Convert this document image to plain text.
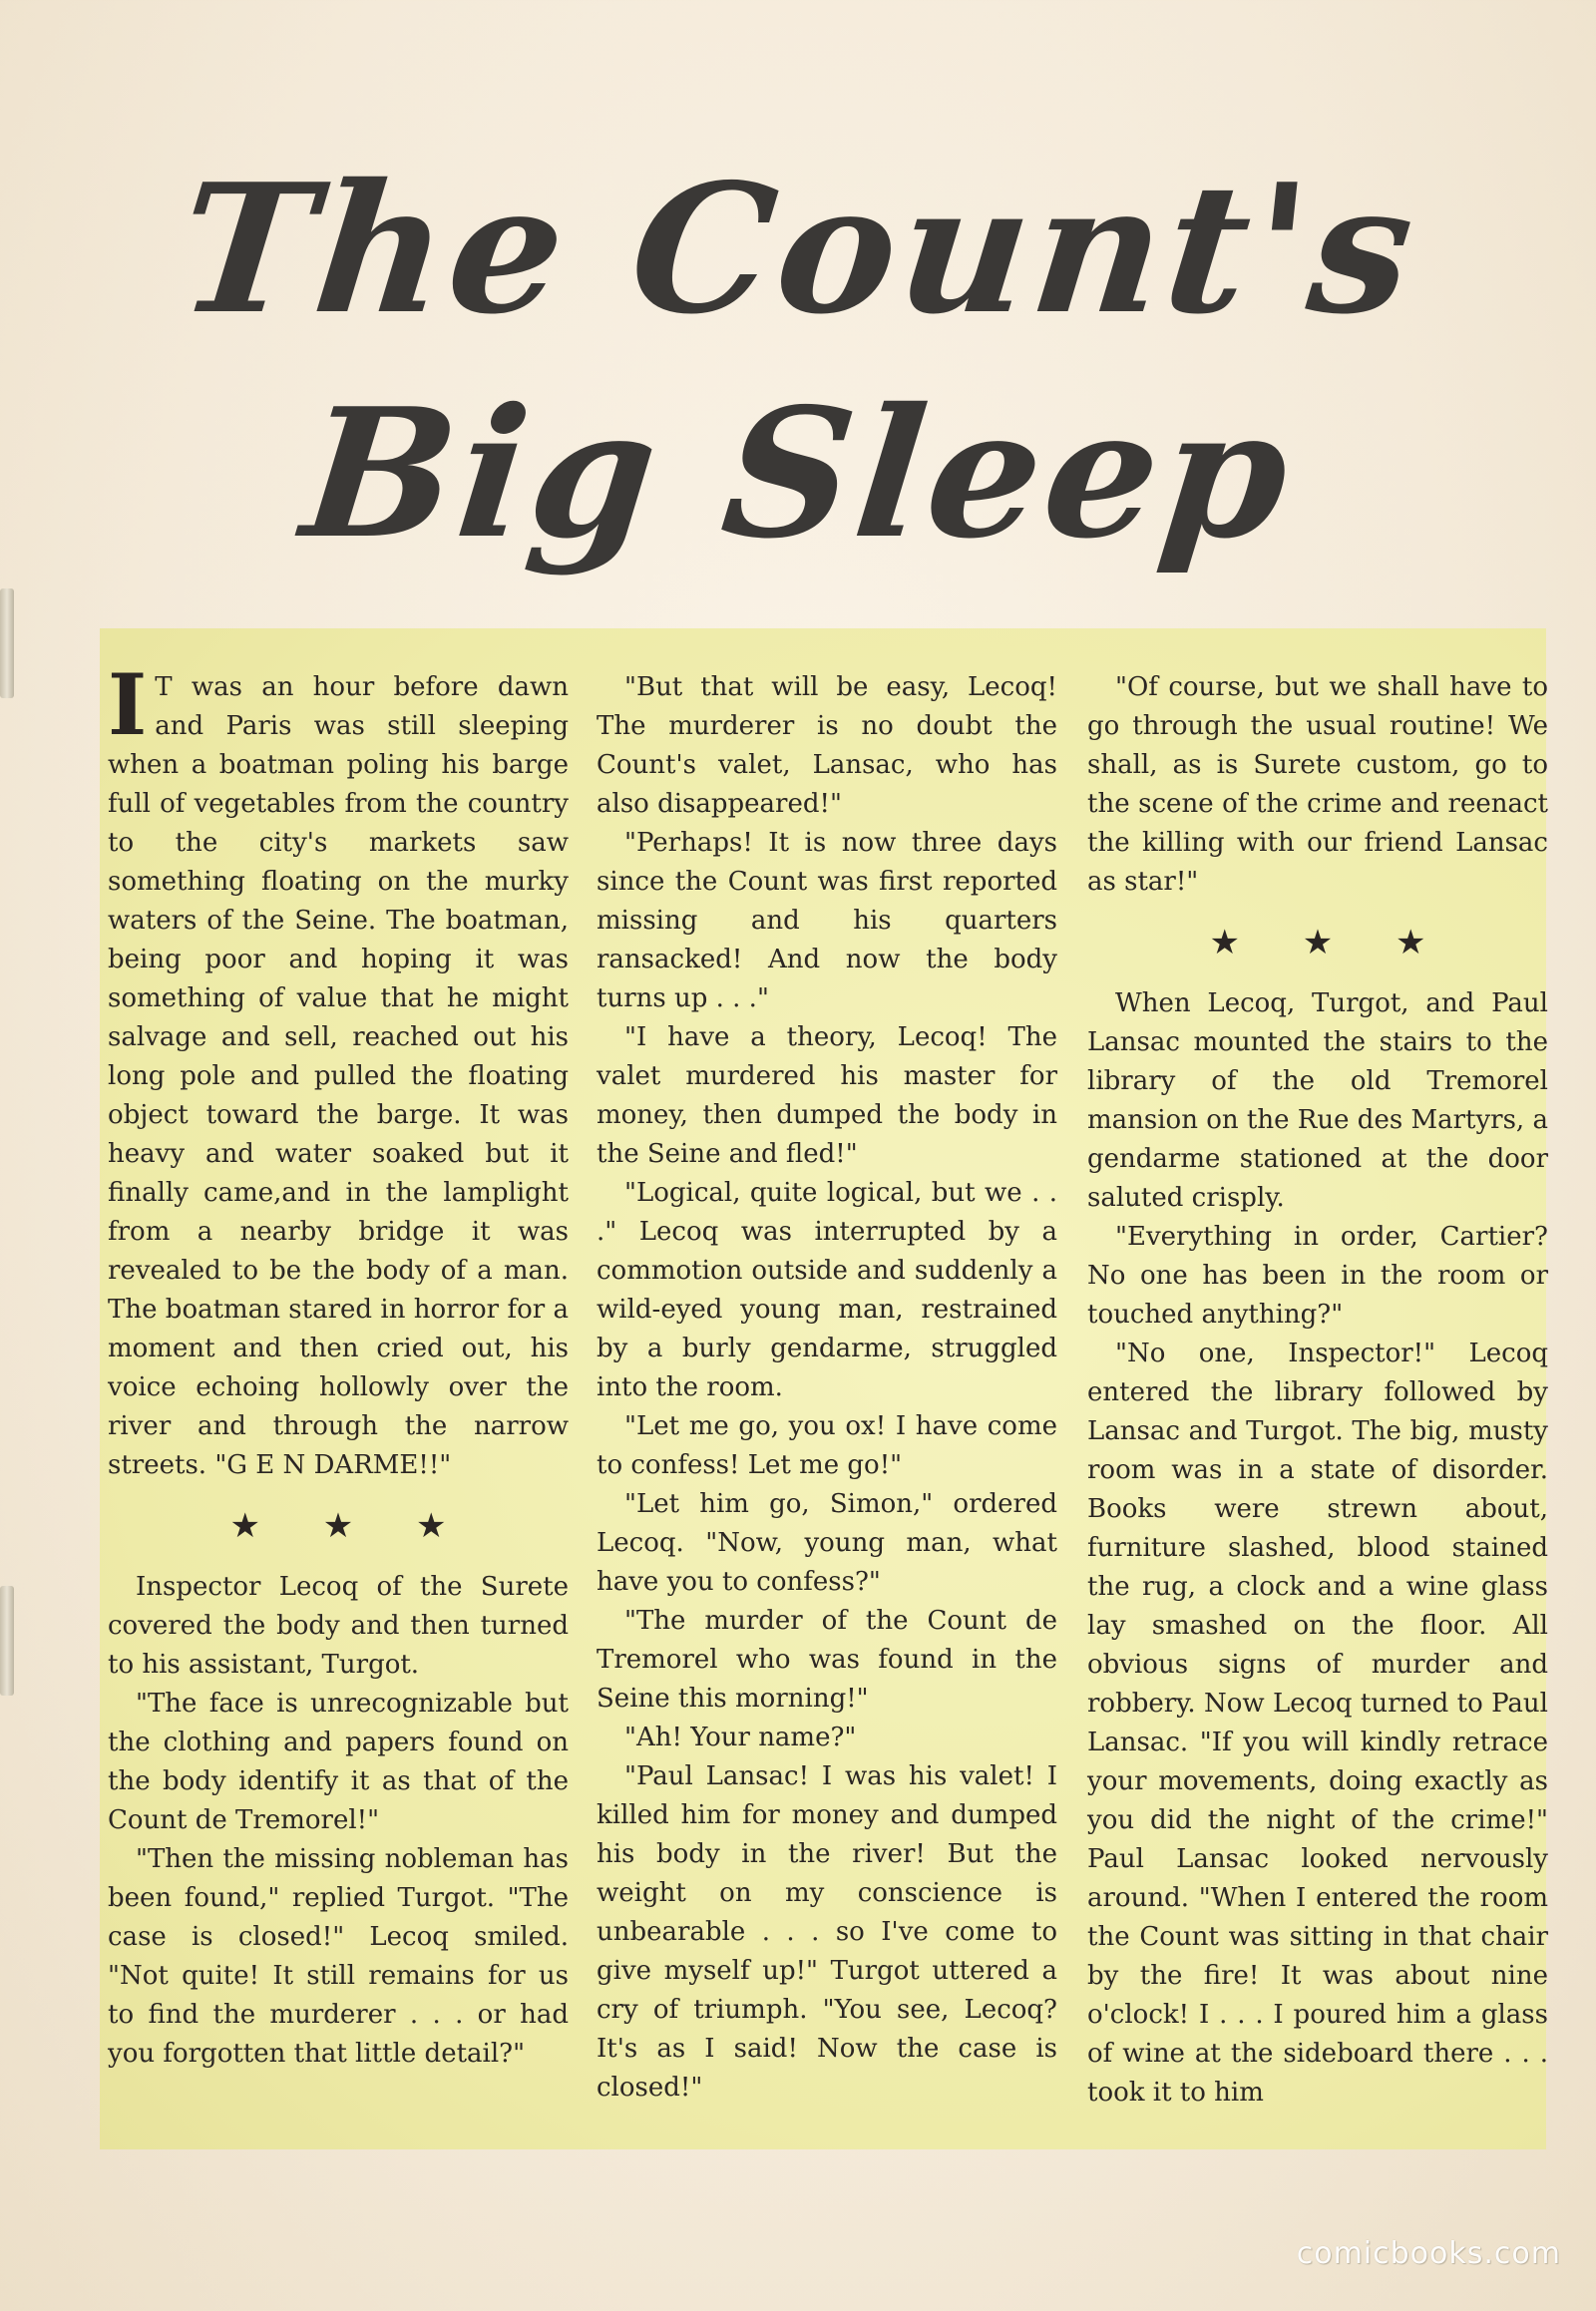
The Count's
Big Sleep

I T was an hour before dawn and Paris was still sleeping when a boatman poling his barge full of vegetables from the country to the city's markets saw something floating on the murky waters of the Seine. The boatman, being poor and hoping it was something of value that he might salvage and sell, reached out his long pole and pulled the floating object toward the barge. It was heavy and water soaked but it finally came,and in the lamplight from a nearby bridge it was revealed to be the body of a man. The boatman stared in horror for a moment and then cried out, his voice echoing hollowly over the river and through the narrow streets. "G E N DARME!!"

★ ★ ★

Inspector Lecoq of the Surete covered the body and then turned to his assistant, Turgot.

"The face is unrecognizable but the clothing and papers found on the body identify it as that of the Count de Tremorel!"

"Then the missing nobleman has been found," replied Turgot. "The case is closed!" Lecoq smiled. "Not quite! It still remains for us to find the murderer . . . or had you forgotten that little detail?"

"But that will be easy, Lecoq! The murderer is no doubt the Count's valet, Lansac, who has also disappeared!"

"Perhaps! It is now three days since the Count was first reported missing and his quarters ransacked! And now the body turns up . . ."

"I have a theory, Lecoq! The valet murdered his master for money, then dumped the body in the Seine and fled!"

"Logical, quite logical, but we . . ." Lecoq was interrupted by a commotion outside and suddenly a wild-eyed young man, restrained by a burly gendarme, struggled into the room.

"Let me go, you ox! I have come to confess! Let me go!"

"Let him go, Simon," ordered Lecoq. "Now, young man, what have you to confess?"

"The murder of the Count de Tremorel who was found in the Seine this morning!"

"Ah! Your name?"

"Paul Lansac! I was his valet! I killed him for money and dumped his body in the river! But the weight on my conscience is unbearable . . . so I've come to give myself up!" Turgot uttered a cry of triumph. "You see, Lecoq? It's as I said! Now the case is closed!"

"Of course, but we shall have to go through the usual routine! We shall, as is Surete custom, go to the scene of the crime and reenact the killing with our friend Lansac as star!"

★ ★ ★

When Lecoq, Turgot, and Paul Lansac mounted the stairs to the library of the old Tremorel mansion on the Rue des Martyrs, a gendarme stationed at the door saluted crisply.

"Everything in order, Cartier? No one has been in the room or touched anything?"

"No one, Inspector!" Lecoq entered the library followed by Lansac and Turgot. The big, musty room was in a state of disorder. Books were strewn about, furniture slashed, blood stained the rug, a clock and a wine glass lay smashed on the floor. All obvious signs of murder and robbery. Now Lecoq turned to Paul Lansac. "If you will kindly retrace your movements, doing exactly as you did the night of the crime!" Paul Lansac looked nervously around. "When I entered the room the Count was sitting in that chair by the fire! It was about nine o'clock! I . . . I poured him a glass of wine at the sideboard there . . . took it to him

comicbooks.com
